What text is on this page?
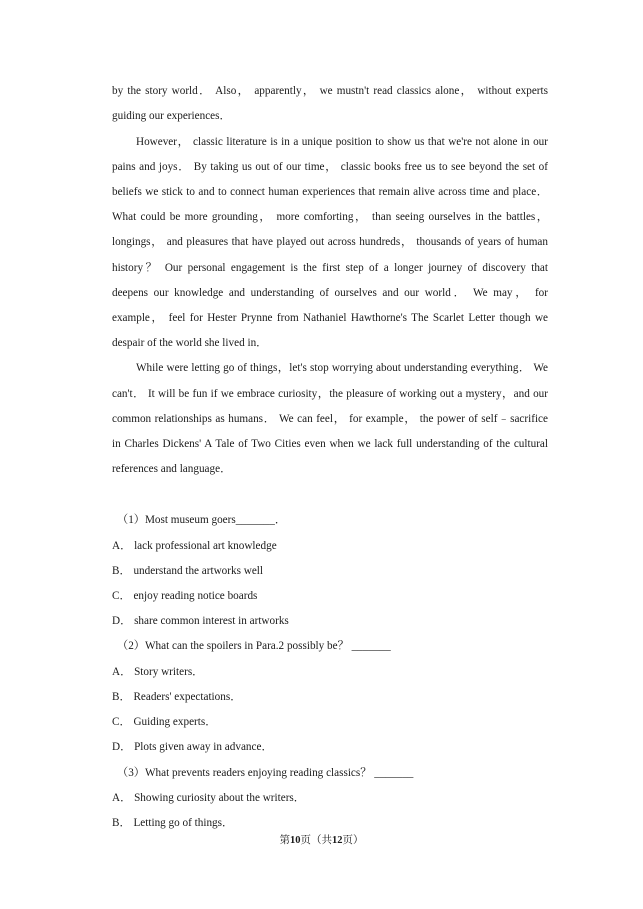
by the story world． Also， apparently， we mustn't read classics alone， without experts
guiding our experiences．
However， classic literature is in a unique position to show us that we're not alone in our
pains and joys． By taking us out of our time， classic books free us to see beyond the set of
beliefs we stick to and to connect human experiences that remain alive across time and place．
What could be more grounding， more comforting， than seeing ourselves in the battles，
longings， and pleasures that have played out across hundreds， thousands of years of human
history？ Our personal engagement is the first step of a longer journey of discovery that
deepens our knowledge and understanding of ourselves and our world． We may， for
example， feel for Hester Prynne from Nathaniel Hawthorne's The Scarlet Letter though we
despair of the world she lived in．
While were letting go of things，let's stop worrying about understanding everything． We
can't． It will be fun if we embrace curiosity，the pleasure of working out a mystery，and our
common relationships as humans． We can feel， for example， the power of self﹣sacrifice
in Charles Dickens' A Tale of Two Cities even when we lack full understanding of the cultural
references and language．
（1）Most museum goers_______．
A． lack professional art knowledge
B． understand the artworks well
C． enjoy reading notice boards
D． share common interest in artworks
（2）What can the spoilers in Para.2 possibly be？ _______
A． Story writers．
B． Readers' expectations．
C． Guiding experts．
D． Plots given away in advance．
（3）What prevents readers enjoying reading classics？ _______
A． Showing curiosity about the writers．
B． Letting go of things．
第10页（共12页）
